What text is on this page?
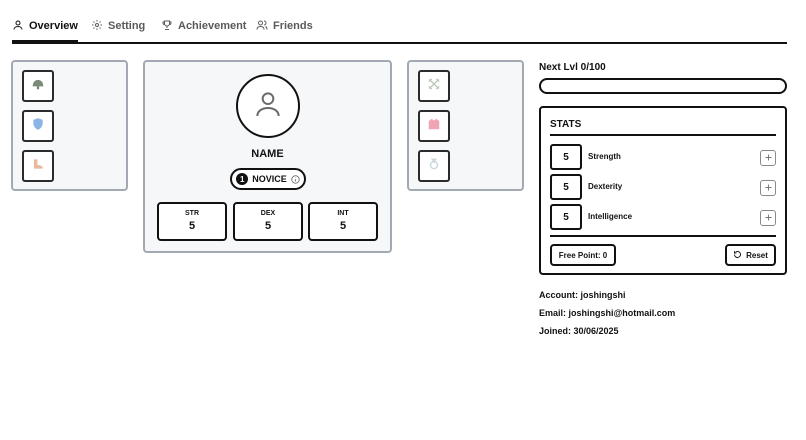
Overview	Setting	Achievement Friends
NAME
1 NOVICE
STR
5
DEX
5
INT
5
Next Lvl 0/100
STATS
5	Strength
5	Dexterity
5	Intelligence
Free Point: 0	Reset
Account: joshingshi
Email: joshingshi@hotmail.com
Joined: 30/06/2025
